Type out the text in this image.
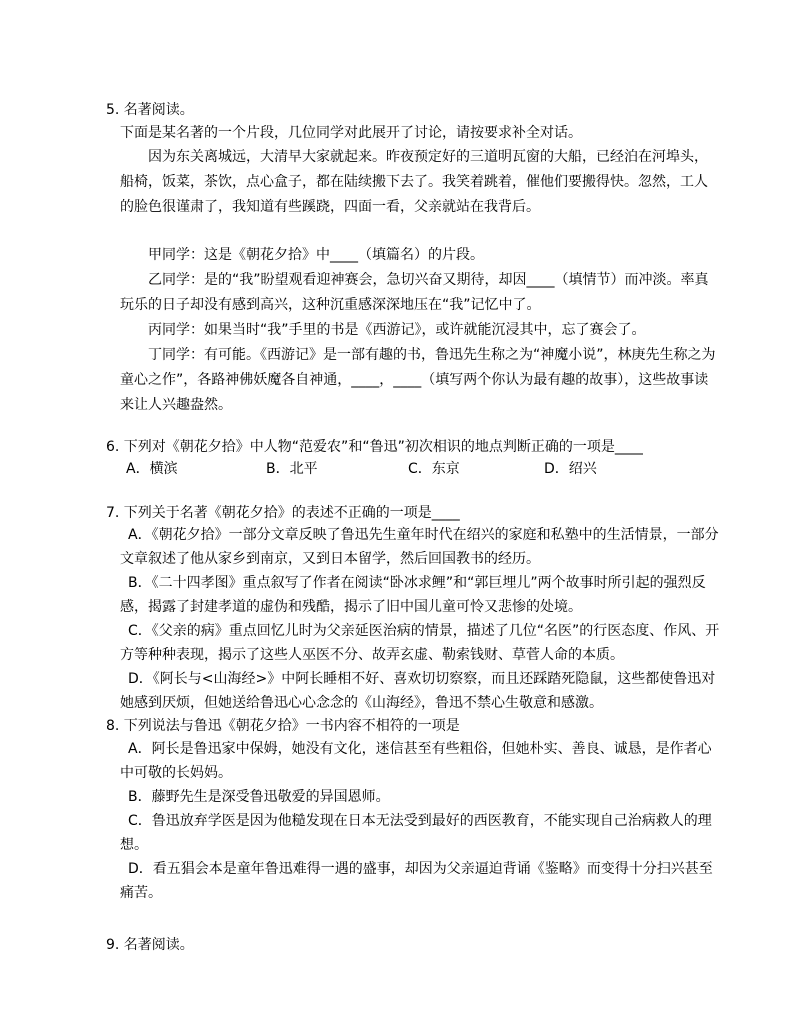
5. 名著阅读。
下面是某名著的一个片段，几位同学对此展开了讨论，请按要求补全对话。
因为东关离城远，大清早大家就起来。昨夜预定好的三道明瓦窗的大船，已经泊在河埠头，船椅，饭菜，茶饮，点心盒子，都在陆续搬下去了。我笑着跳着，催他们要搬得快。忽然，工人的脸色很谨肃了，我知道有些蹊跷，四面一看，父亲就站在我背后。
甲同学：这是《朝花夕拾》中____（填篇名）的片段。
乙同学：是的“我”盼望观看迎神赛会，急切兴奋又期待，却因____（填情节）而冲淡。率真玩乐的日子却没有感到高兴，这种沉重感深深地压在“我”记忆中了。
丙同学：如果当时“我”手里的书是《西游记》，或许就能沉浸其中，忘了赛会了。
丁同学：有可能。《西游记》是一部有趣的书，鲁迅先生称之为“神魔小说”，林庚先生称之为童心之作”，各路神佛妖魔各自神通，____，____（填写两个你认为最有趣的故事），这些故事读来让人兴趣盎然。
6. 下列对《朝花夕拾》中人物“范爱农”和“鲁迅”初次相识的地点判断正确的一项是____
A．横滨	B．北平	C．东京	D．绍兴
7. 下列关于名著《朝花夕拾》的表述不正确的一项是____
A．《朝花夕拾》一部分文章反映了鲁迅先生童年时代在绍兴的家庭和私塾中的生活情景，一部分文章叙述了他从家乡到南京，又到日本留学，然后回国教书的经历。
B．《二十四孝图》重点叙写了作者在阅读“卧冰求鲤”和“郭巨埋儿”两个故事时所引起的强烈反感，揭露了封建孝道的虚伪和残酷，揭示了旧中国儿童可怜又悲惨的处境。
C．《父亲的病》重点回忆儿时为父亲延医治病的情景，描述了几位“名医”的行医态度、作风、开方等种种表现，揭示了这些人巫医不分、故弄玄虚、勒索钱财、草菅人命的本质。
D．《阿长与<山海经>》中阿长睡相不好、喜欢切切察察，而且还踩踏死隐鼠，这些都使鲁迅对她感到厌烦，但她送给鲁迅心心念念的《山海经》，鲁迅不禁心生敬意和感激。
8. 下列说法与鲁迅《朝花夕拾》一书内容不相符的一项是
A．阿长是鲁迅家中保姆，她没有文化，迷信甚至有些粗俗，但她朴实、善良、诚恳，是作者心中可敬的长妈妈。
B．藤野先生是深受鲁迅敬爱的异国恩师。
C．鲁迅放弃学医是因为他糙发现在日本无法受到最好的西医教育，不能实现自己治病救人的理想。
D．看五猖会本是童年鲁迅难得一遇的盛事，却因为父亲逼迫背诵《鉴略》而变得十分扫兴甚至痛苦。
9. 名著阅读。
